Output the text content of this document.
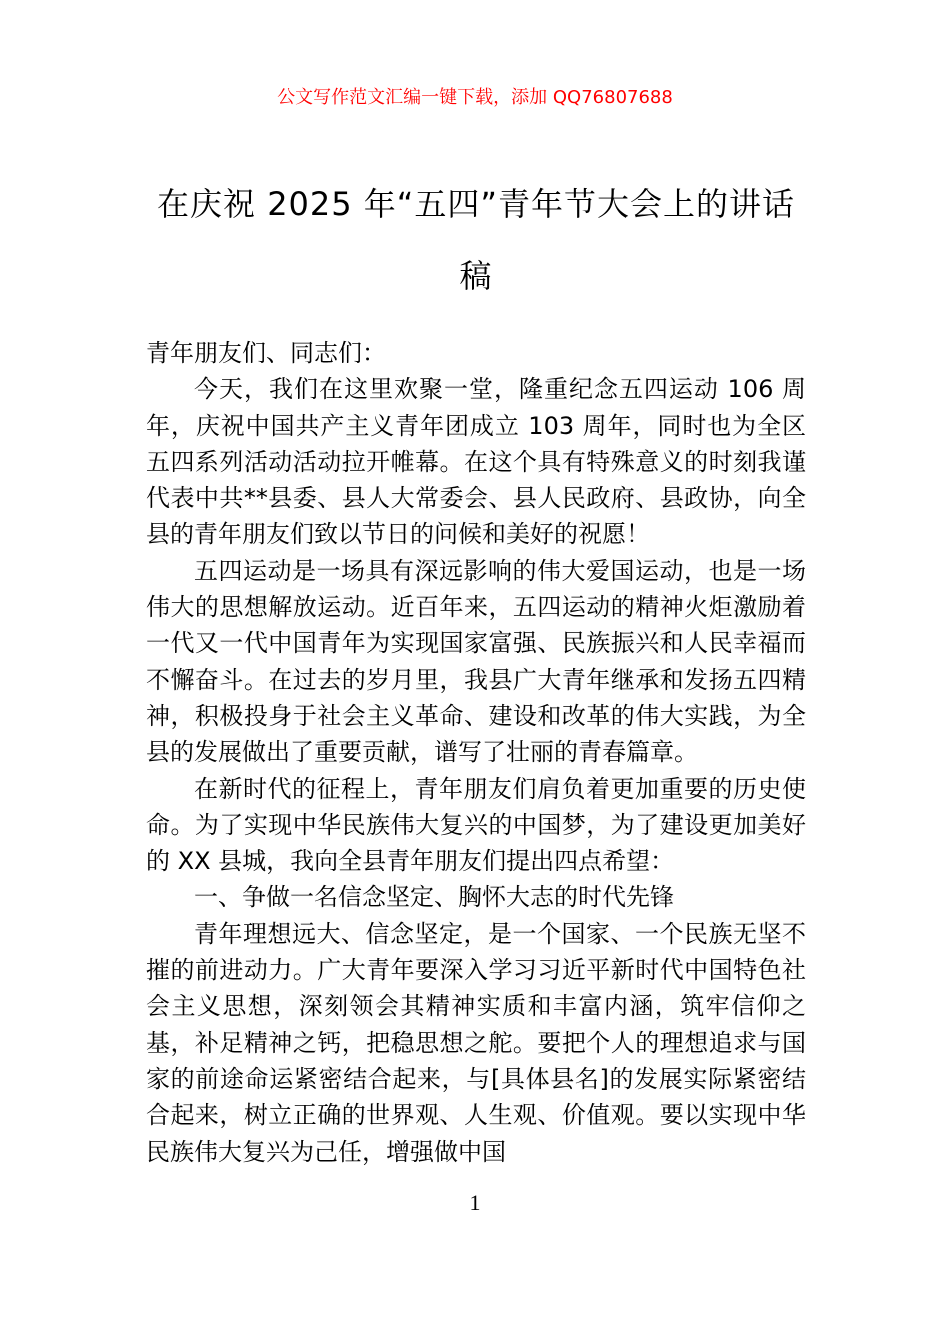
公文写作范文汇编一键下载，添加 QQ76807688
在庆祝 2025 年“五四”青年节大会上的讲话稿

青年朋友们、同志们：

今天，我们在这里欢聚一堂，隆重纪念五四运动 106 周年，庆祝中国共产主义青年团成立 103 周年，同时也为全区五四系列活动活动拉开帷幕。在这个具有特殊意义的时刻我谨代表中共**县委、县人大常委会、县人民政府、县政协，向全县的青年朋友们致以节日的问候和美好的祝愿！

五四运动是一场具有深远影响的伟大爱国运动，也是一场伟大的思想解放运动。近百年来，五四运动的精神火炬激励着一代又一代中国青年为实现国家富强、民族振兴和人民幸福而不懈奋斗。在过去的岁月里，我县广大青年继承和发扬五四精神，积极投身于社会主义革命、建设和改革的伟大实践，为全县的发展做出了重要贡献，谱写了壮丽的青春篇章。

在新时代的征程上，青年朋友们肩负着更加重要的历史使命。为了实现中华民族伟大复兴的中国梦，为了建设更加美好的 XX 县城，我向全县青年朋友们提出四点希望：

一、争做一名信念坚定、胸怀大志的时代先锋

青年理想远大、信念坚定，是一个国家、一个民族无坚不摧的前进动力。广大青年要深入学习习近平新时代中国特色社会主义思想，深刻领会其精神实质和丰富内涵，筑牢信仰之基，补足精神之钙，把稳思想之舵。要把个人的理想追求与国家的前途命运紧密结合起来，与[具体县名]的发展实际紧密结合起来，树立正确的世界观、人生观、价值观。要以实现中华民族伟大复兴为己任，增强做中国

1
